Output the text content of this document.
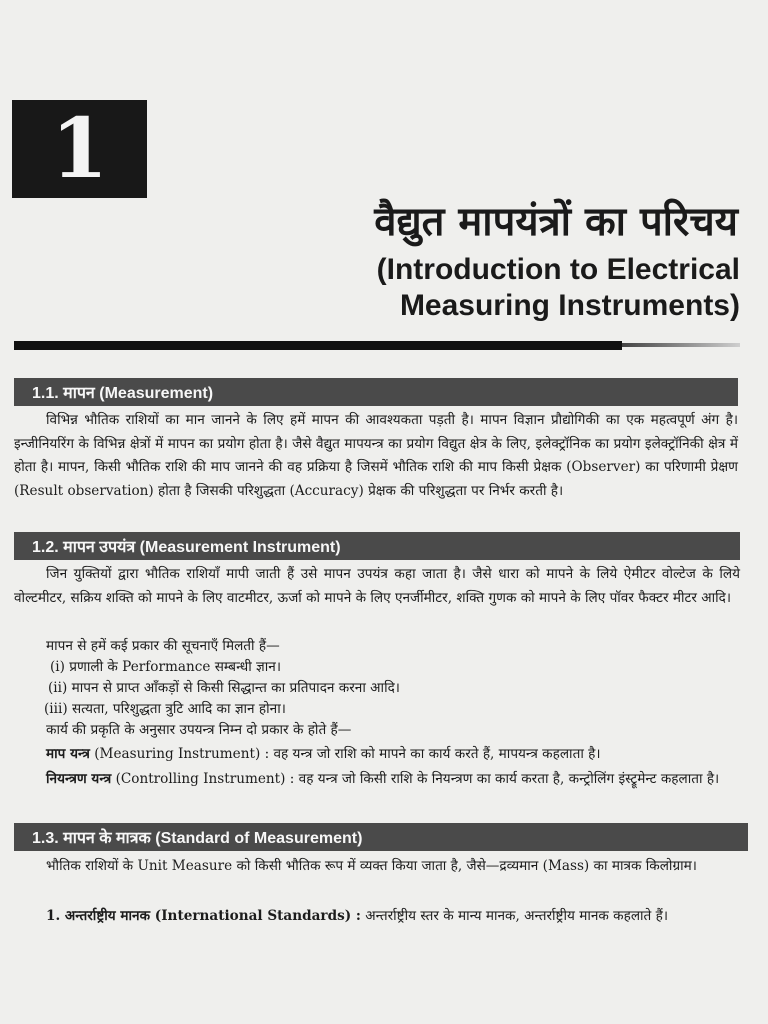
1
वैद्युत मापयंत्रों का परिचय
(Introduction to Electrical
Measuring Instruments)
1.1. मापन (Measurement)
विभिन्न भौतिक राशियों का मान जानने के लिए हमें मापन की आवश्यकता पड़ती है। मापन विज्ञान प्रौद्योगिकी का एक महत्वपूर्ण अंग है। इन्जीनियरिंग के विभिन्न क्षेत्रों में मापन का प्रयोग होता है। जैसे वैद्युत मापयन्त्र का प्रयोग विद्युत क्षेत्र के लिए, इलेक्ट्रॉनिक का प्रयोग इलेक्ट्रॉनिकी क्षेत्र में होता है। मापन, किसी भौतिक राशि की माप जानने की वह प्रक्रिया है जिसमें भौतिक राशि की माप किसी प्रेक्षक (Observer) का परिणामी प्रेक्षण (Result observation) होता है जिसकी परिशुद्धता (Accuracy) प्रेक्षक की परिशुद्धता पर निर्भर करती है।
1.2. मापन उपयंत्र (Measurement Instrument)
जिन युक्तियों द्वारा भौतिक राशियाँ मापी जाती हैं उसे मापन उपयंत्र कहा जाता है। जैसे धारा को मापने के लिये ऐमीटर वोल्टेज के लिये वोल्टमीटर, सक्रिय शक्ति को मापने के लिए वाटमीटर, ऊर्जा को मापने के लिए एनर्जीमीटर, शक्ति गुणक को मापने के लिए पॉवर फैक्टर मीटर आदि।
मापन से हमें कई प्रकार की सूचनाएँ मिलती हैं—
(i) प्रणाली के Performance सम्बन्धी ज्ञान।
(ii) मापन से प्राप्त आँकड़ों से किसी सिद्धान्त का प्रतिपादन करना आदि।
(iii) सत्यता, परिशुद्धता त्रुटि आदि का ज्ञान होना।
कार्य की प्रकृति के अनुसार उपयन्त्र निम्न दो प्रकार के होते हैं—
माप यन्त्र (Measuring Instrument) : वह यन्त्र जो राशि को मापने का कार्य करते हैं, मापयन्त्र कहलाता है।
नियन्त्रण यन्त्र (Controlling Instrument) : वह यन्त्र जो किसी राशि के नियन्त्रण का कार्य करता है, कन्ट्रोलिंग इंस्ट्रूमेन्ट कहलाता है।
1.3. मापन के मात्रक (Standard of Measurement)
भौतिक राशियों के Unit Measure को किसी भौतिक रूप में व्यक्त किया जाता है, जैसे—द्रव्यमान (Mass) का मात्रक किलोग्राम।
1. अन्तर्राष्ट्रीय मानक (International Standards) : अन्तर्राष्ट्रीय स्तर के मान्य मानक, अन्तर्राष्ट्रीय मानक कहलाते हैं।
